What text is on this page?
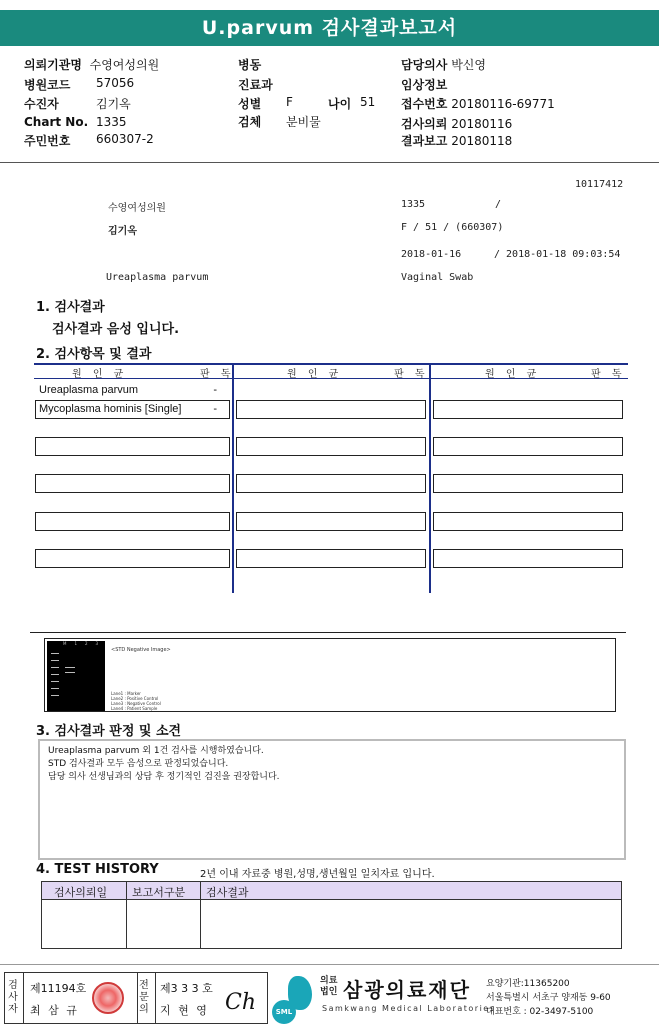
U.parvum 검사결과보고서
의뢰기관명 수영여성의원
병원코드 57056
수진자	김기옥
Chart No. 1335
주민번호 660307-2
병동
진료과
성별 F	나이 51
검체 분비물
담당의사 박신영
임상정보
접수번호 20180116-69771
검사의뢰 20180116
결과보고 20180118
10117412
수영여성의원	1335	/
김기옥	F / 51 / (660307)
2018-01-16	/ 2018-01-18 09:03:54
Ureaplasma parvum	Vaginal Swab
1. 검사결과
검사결과 음성 입니다.
2. 검사항목 및 결과
원 인 균	판 독	원 인 균	판 독	원 인 균	판 독
Ureaplasma parvum	-
Mycoplasma hominis [Single]	-
M123
<STD Negative Image>
Lane1 : Marker
Lane2 : Positive Control
Lane3 : Negative Control
Lane4 : Patient Sample
3. 검사결과 판정 및 소견
Ureaplasma parvum 외 1건 검사를 시행하였습니다.
STD 검사결과 모두 음성으로 판정되었습니다.
담당 의사 선생님과의 상담 후 정기적인 검진을 권장합니다.
4. TEST HISTORY	2년 이내 자료중 병원,성명,생년월일 일치자료 입니다.
검사의뢰일 보고서구분 검사결과
검사자
제11194호
최 삼 규
전문의
제3 3 3 호
지 현 영 Ch	SML
의료법인 삼광의료재단
Samkwang Medical Laboratories
요양기관:11365200
서울특별시 서초구 양재동 9-60
대표번호 : 02-3497-5100
